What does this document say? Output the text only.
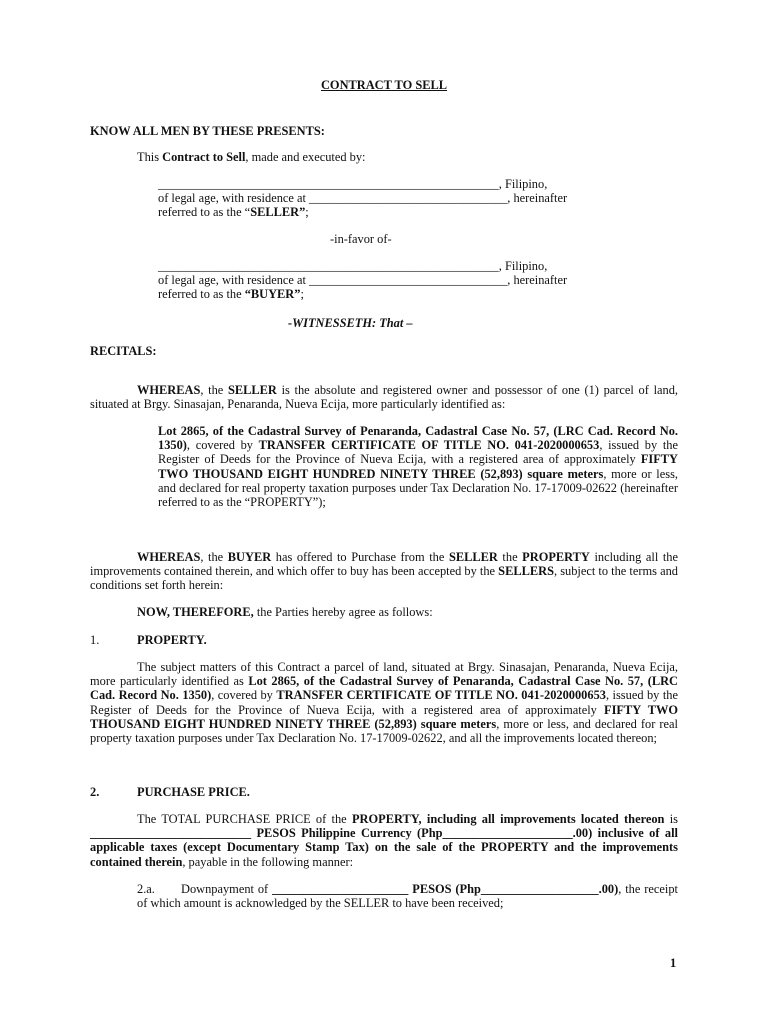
CONTRACT TO SELL
KNOW ALL MEN BY THESE PRESENTS:
This Contract to Sell, made and executed by:
_______________________________________________________, Filipino,
of legal age, with residence at ________________________________, hereinafter
referred to as the “SELLER”;
-in-favor of-
_______________________________________________________, Filipino,
of legal age, with residence at ________________________________, hereinafter
referred to as the “BUYER”;
-WITNESSETH: That –
RECITALS:
WHEREAS, the SELLER is the absolute and registered owner and possessor of one (1) parcel of land, situated at Brgy. Sinasajan, Penaranda, Nueva Ecija, more particularly identified as:
Lot 2865, of the Cadastral Survey of Penaranda, Cadastral Case No. 57, (LRC Cad. Record No. 1350), covered by TRANSFER CERTIFICATE OF TITLE NO. 041-2020000653, issued by the Register of Deeds for the Province of Nueva Ecija, with a registered area of approximately FIFTY TWO THOUSAND EIGHT HUNDRED NINETY THREE (52,893) square meters, more or less, and declared for real property taxation purposes under Tax Declaration No. 17-17009-02622 (hereinafter referred to as the “PROPERTY”);
WHEREAS, the BUYER has offered to Purchase from the SELLER the PROPERTY including all the improvements contained therein, and which offer to buy has been accepted by the SELLERS, subject to the terms and conditions set forth herein:
NOW, THEREFORE, the Parties hereby agree as follows:
1.	PROPERTY.
The subject matters of this Contract a parcel of land, situated at Brgy. Sinasajan, Penaranda, Nueva Ecija, more particularly identified as Lot 2865, of the Cadastral Survey of Penaranda, Cadastral Case No. 57, (LRC Cad. Record No. 1350), covered by TRANSFER CERTIFICATE OF TITLE NO. 041-2020000653, issued by the Register of Deeds for the Province of Nueva Ecija, with a registered area of approximately FIFTY TWO THOUSAND EIGHT HUNDRED NINETY THREE (52,893) square meters, more or less, and declared for real property taxation purposes under Tax Declaration No. 17-17009-02622, and all the improvements located thereon;
2.	PURCHASE PRICE.
The TOTAL PURCHASE PRICE of the PROPERTY, including all improvements located thereon is __________________________ PESOS Philippine Currency (Php_____________________.00) inclusive of all applicable taxes (except Documentary Stamp Tax) on the sale of the PROPERTY and the improvements contained therein, payable in the following manner:
2.a. Downpayment of ______________________ PESOS (Php___________________.00), the receipt of which amount is acknowledged by the SELLER to have been received;
1
